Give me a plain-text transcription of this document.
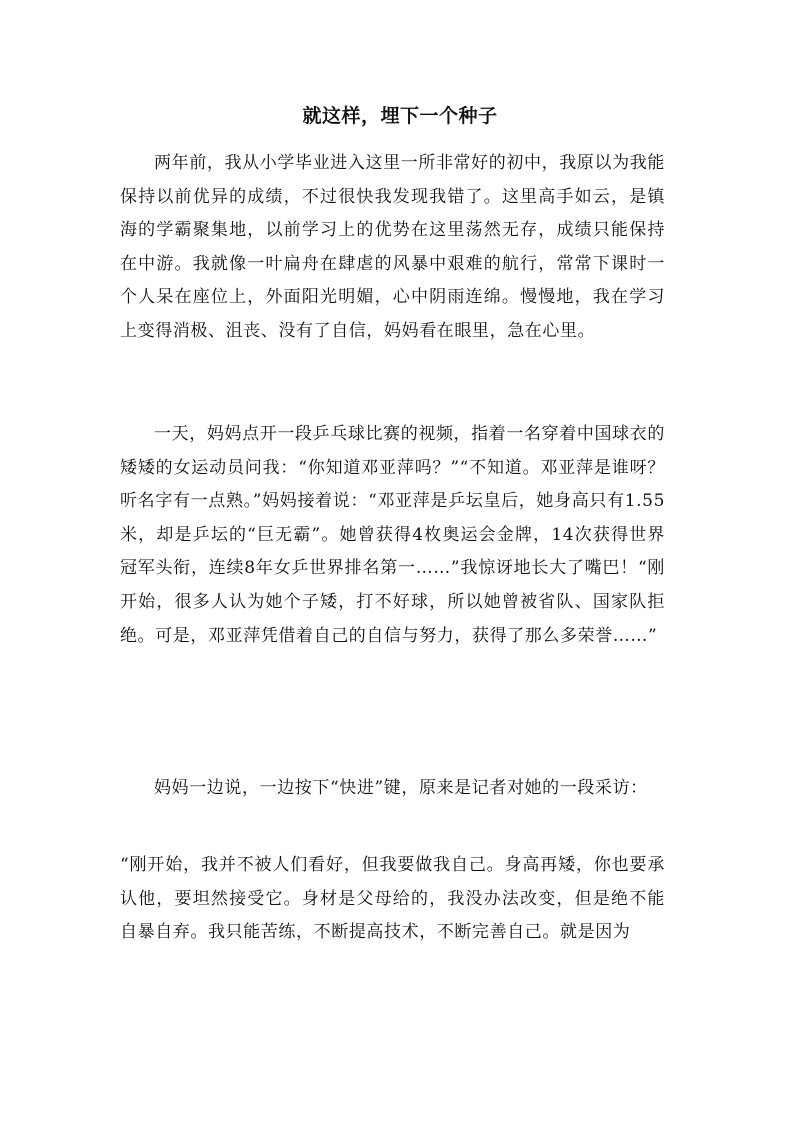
就这样，埋下一个种子

两年前，我从小学毕业进入这里一所非常好的初中，我原以为我能保持以前优异的成绩，不过很快我发现我错了。这里高手如云，是镇海的学霸聚集地，以前学习上的优势在这里荡然无存，成绩只能保持在中游。我就像一叶扁舟在肆虐的风暴中艰难的航行，常常下课时一个人呆在座位上，外面阳光明媚，心中阴雨连绵。慢慢地，我在学习上变得消极、沮丧、没有了自信，妈妈看在眼里，急在心里。

一天，妈妈点开一段乒乓球比赛的视频，指着一名穿着中国球衣的矮矮的女运动员问我：“你知道邓亚萍吗？”“不知道。邓亚萍是谁呀？听名字有一点熟。”妈妈接着说：“邓亚萍是乒坛皇后，她身高只有1.55米，却是乒坛的“巨无霸”。她曾获得4枚奥运会金牌，14次获得世界冠军头衔，连续8年女乒世界排名第一……”我惊讶地长大了嘴巴！“刚开始，很多人认为她个子矮，打不好球，所以她曾被省队、国家队拒绝。可是，邓亚萍凭借着自己的自信与努力，获得了那么多荣誉……”

妈妈一边说，一边按下“快进”键，原来是记者对她的一段采访：

“刚开始，我并不被人们看好，但我要做我自己。身高再矮，你也要承认他，要坦然接受它。身材是父母给的，我没办法改变，但是绝不能自暴自弃。我只能苦练，不断提高技术，不断完善自己。就是因为
